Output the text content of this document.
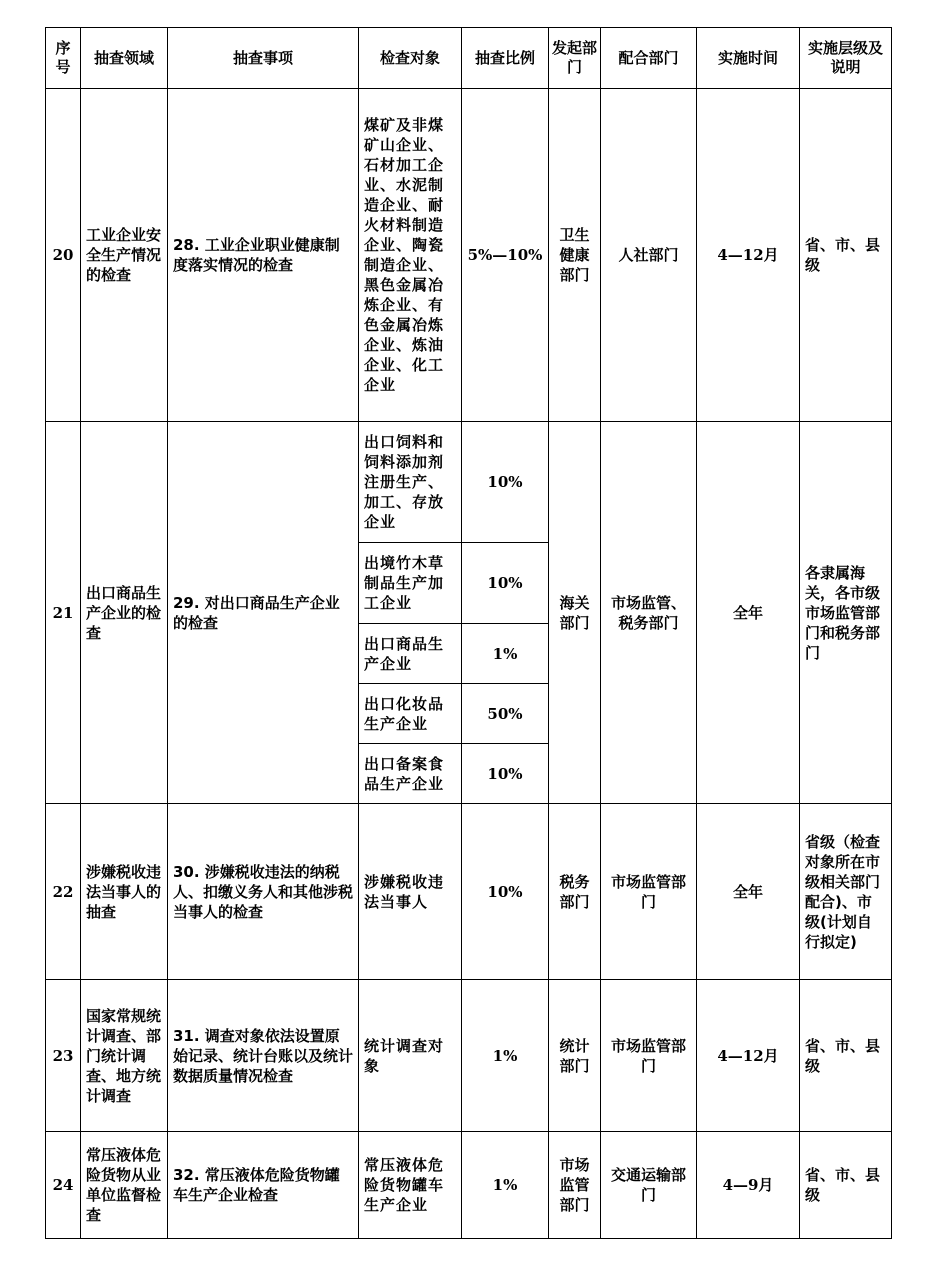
序号	抽查领域	抽查事项	检查对象	抽查比例	发起部门	配合部门	实施时间	实施层级及说明
20	工业企业安全生产情况的检查	28. 工业企业职业健康制度落实情况的检查	煤矿及非煤矿山企业、石材加工企业、水泥制造企业、耐火材料制造企业、陶瓷制造企业、黑色金属冶炼企业、有色金属冶炼企业、炼油企业、化工企业	5%—10%	卫生健康部门	人社部门	4—12月	省、市、县级
21	出口商品生产企业的检查	29. 对出口商品生产企业的检查	出口饲料和饲料添加剂注册生产、加工、存放企业	10%	海关部门	市场监管、税务部门	全年	各隶属海关，各市级市场监管部门和税务部门
			出境竹木草制品生产加工企业	10%				
			出口商品生产企业	1%				
			出口化妆品生产企业	50%				
			出口备案食品生产企业	10%				
22	涉嫌税收违法当事人的抽查	30. 涉嫌税收违法的纳税人、扣缴义务人和其他涉税当事人的检查	涉嫌税收违法当事人	10%	税务部门	市场监管部门	全年	省级（检查对象所在市级相关部门配合)、市级(计划自行拟定)
23	国家常规统计调查、部门统计调查、地方统计调查	31. 调查对象依法设置原始记录、统计台账以及统计数据质量情况检查	统计调查对象	1%	统计部门	市场监管部门	4—12月	省、市、县级
24	常压液体危险货物从业单位监督检查	32. 常压液体危险货物罐车生产企业检查	常压液体危险货物罐车生产企业	1%	市场监管部门	交通运输部门	4—9月	省、市、县级
